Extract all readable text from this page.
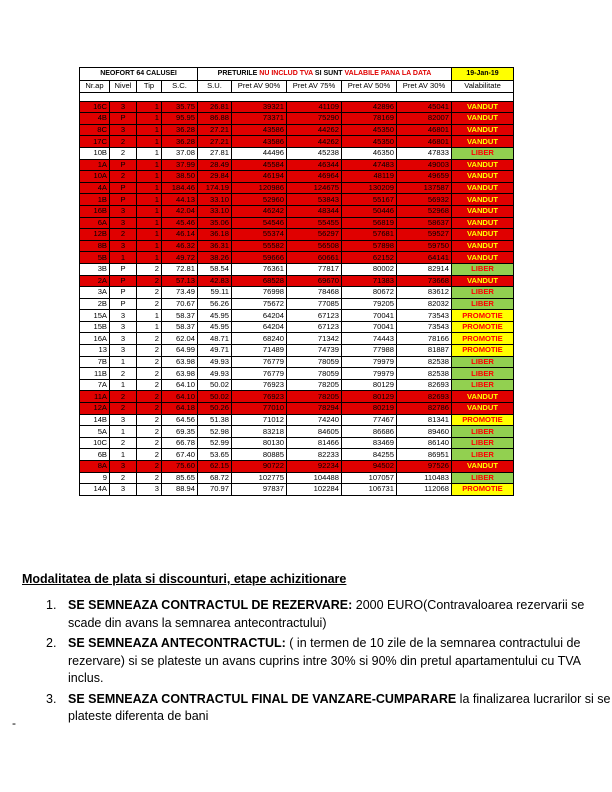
NEOFORT 64 CALUSEI				PRETURILE NU INCLUD TVA SI SUNT VALABILE PANA LA DATA					19-Jan-19
Nr.ap	Nivel	Tip	S.C.	S.U.	Pret AV 90%	Pret AV 75%	Pret AV 50%	Pret AV 30%	Valabilitate

16C	3	1	35.75	26.81	39321	41109	42896	45041	VANDUT
4B	P	1	95.95	86.88	73371	75290	78169	82007	VANDUT
8C	3	1	36.28	27.21	43586	44262	45350	46801	VANDUT
17C	2	1	36.28	27.21	43586	44262	45350	46801	VANDUT
10B	2	1	37.08	27.81	44496	45238	46350	47833	LIBER
1A	P	1	37.99	28.49	45584	46344	47483	49003	VANDUT
10A	2	1	38.50	29.84	46194	46964	48119	49659	VANDUT
4A	P	1	184.46	174.19	120986	124675	130209	137587	VANDUT
1B	P	1	44.13	33.10	52960	53843	55167	56932	VANDUT
16B	3	1	42.04	33.10	46242	48344	50446	52968	VANDUT
6A	3	1	45.46	35.06	54546	55455	56819	58637	VANDUT
12B	2	1	46.14	36.18	55374	56297	57681	59527	VANDUT
8B	3	1	46.32	36.31	55582	56508	57898	59750	VANDUT
5B	1	1	49.72	38.26	59666	60661	62152	64141	VANDUT
3B	P	2	72.81	58.54	76361	77817	80002	82914	LIBER
2A	P	2	57.13	42.83	68528	69670	71383	73668	VANDUT
3A	P	2	73.49	59.11	76998	78468	80672	83612	LIBER
2B	P	2	70.67	56.26	75672	77085	79205	82032	LIBER
15A	3	1	58.37	45.95	64204	67123	70041	73543	PROMOTIE
15B	3	1	58.37	45.95	64204	67123	70041	73543	PROMOTIE
16A	3	2	62.04	48.71	68240	71342	74443	78166	PROMOTIE
13	3	2	64.99	49.71	71489	74739	77988	81887	PROMOTIE
7B	1	2	63.98	49.93	76779	78059	79979	82538	LIBER
11B	2	2	63.98	49.93	76779	78059	79979	82538	LIBER
7A	1	2	64.10	50.02	76923	78205	80129	82693	LIBER
11A	2	2	64.10	50.02	76923	78205	80129	82693	VANDUT
12A	2	2	64.18	50.26	77010	78294	80219	82786	VANDUT
14B	3	2	64.56	51.38	71012	74240	77467	81341	PROMOTIE
5A	1	2	69.35	52.98	83218	84605	86686	89460	LIBER
10C	2	2	66.78	52.99	80130	81466	83469	86140	LIBER
6B	1	2	67.40	53.65	80885	82233	84255	86951	LIBER
8A	3	2	75.60	62.15	90722	92234	94502	97526	VANDUT
9	2	2	85.65	68.72	102775	104488	107057	110483	LIBER
14A	3	3	88.94	70.97	97837	102284	106731	112068	PROMOTIE
Modalitatea de plata si discounturi, etape achizitionare
1. SE SEMNEAZA CONTRACTUL DE REZERVARE: 2000 EURO(Contravaloarea rezervarii se scade din avans la semnarea antecontractului)
2. SE SEMNEAZA ANTECONTRACTUL: ( in termen de 10 zile de la semnarea contractului de rezervare) si se plateste un avans cuprins intre 30% si 90% din pretul apartamentului cu TVA inclus.
3. SE SEMNEAZA CONTRACTUL FINAL DE VANZARE-CUMPARARE la finalizarea lucrarilor si se plateste diferenta de bani
-
